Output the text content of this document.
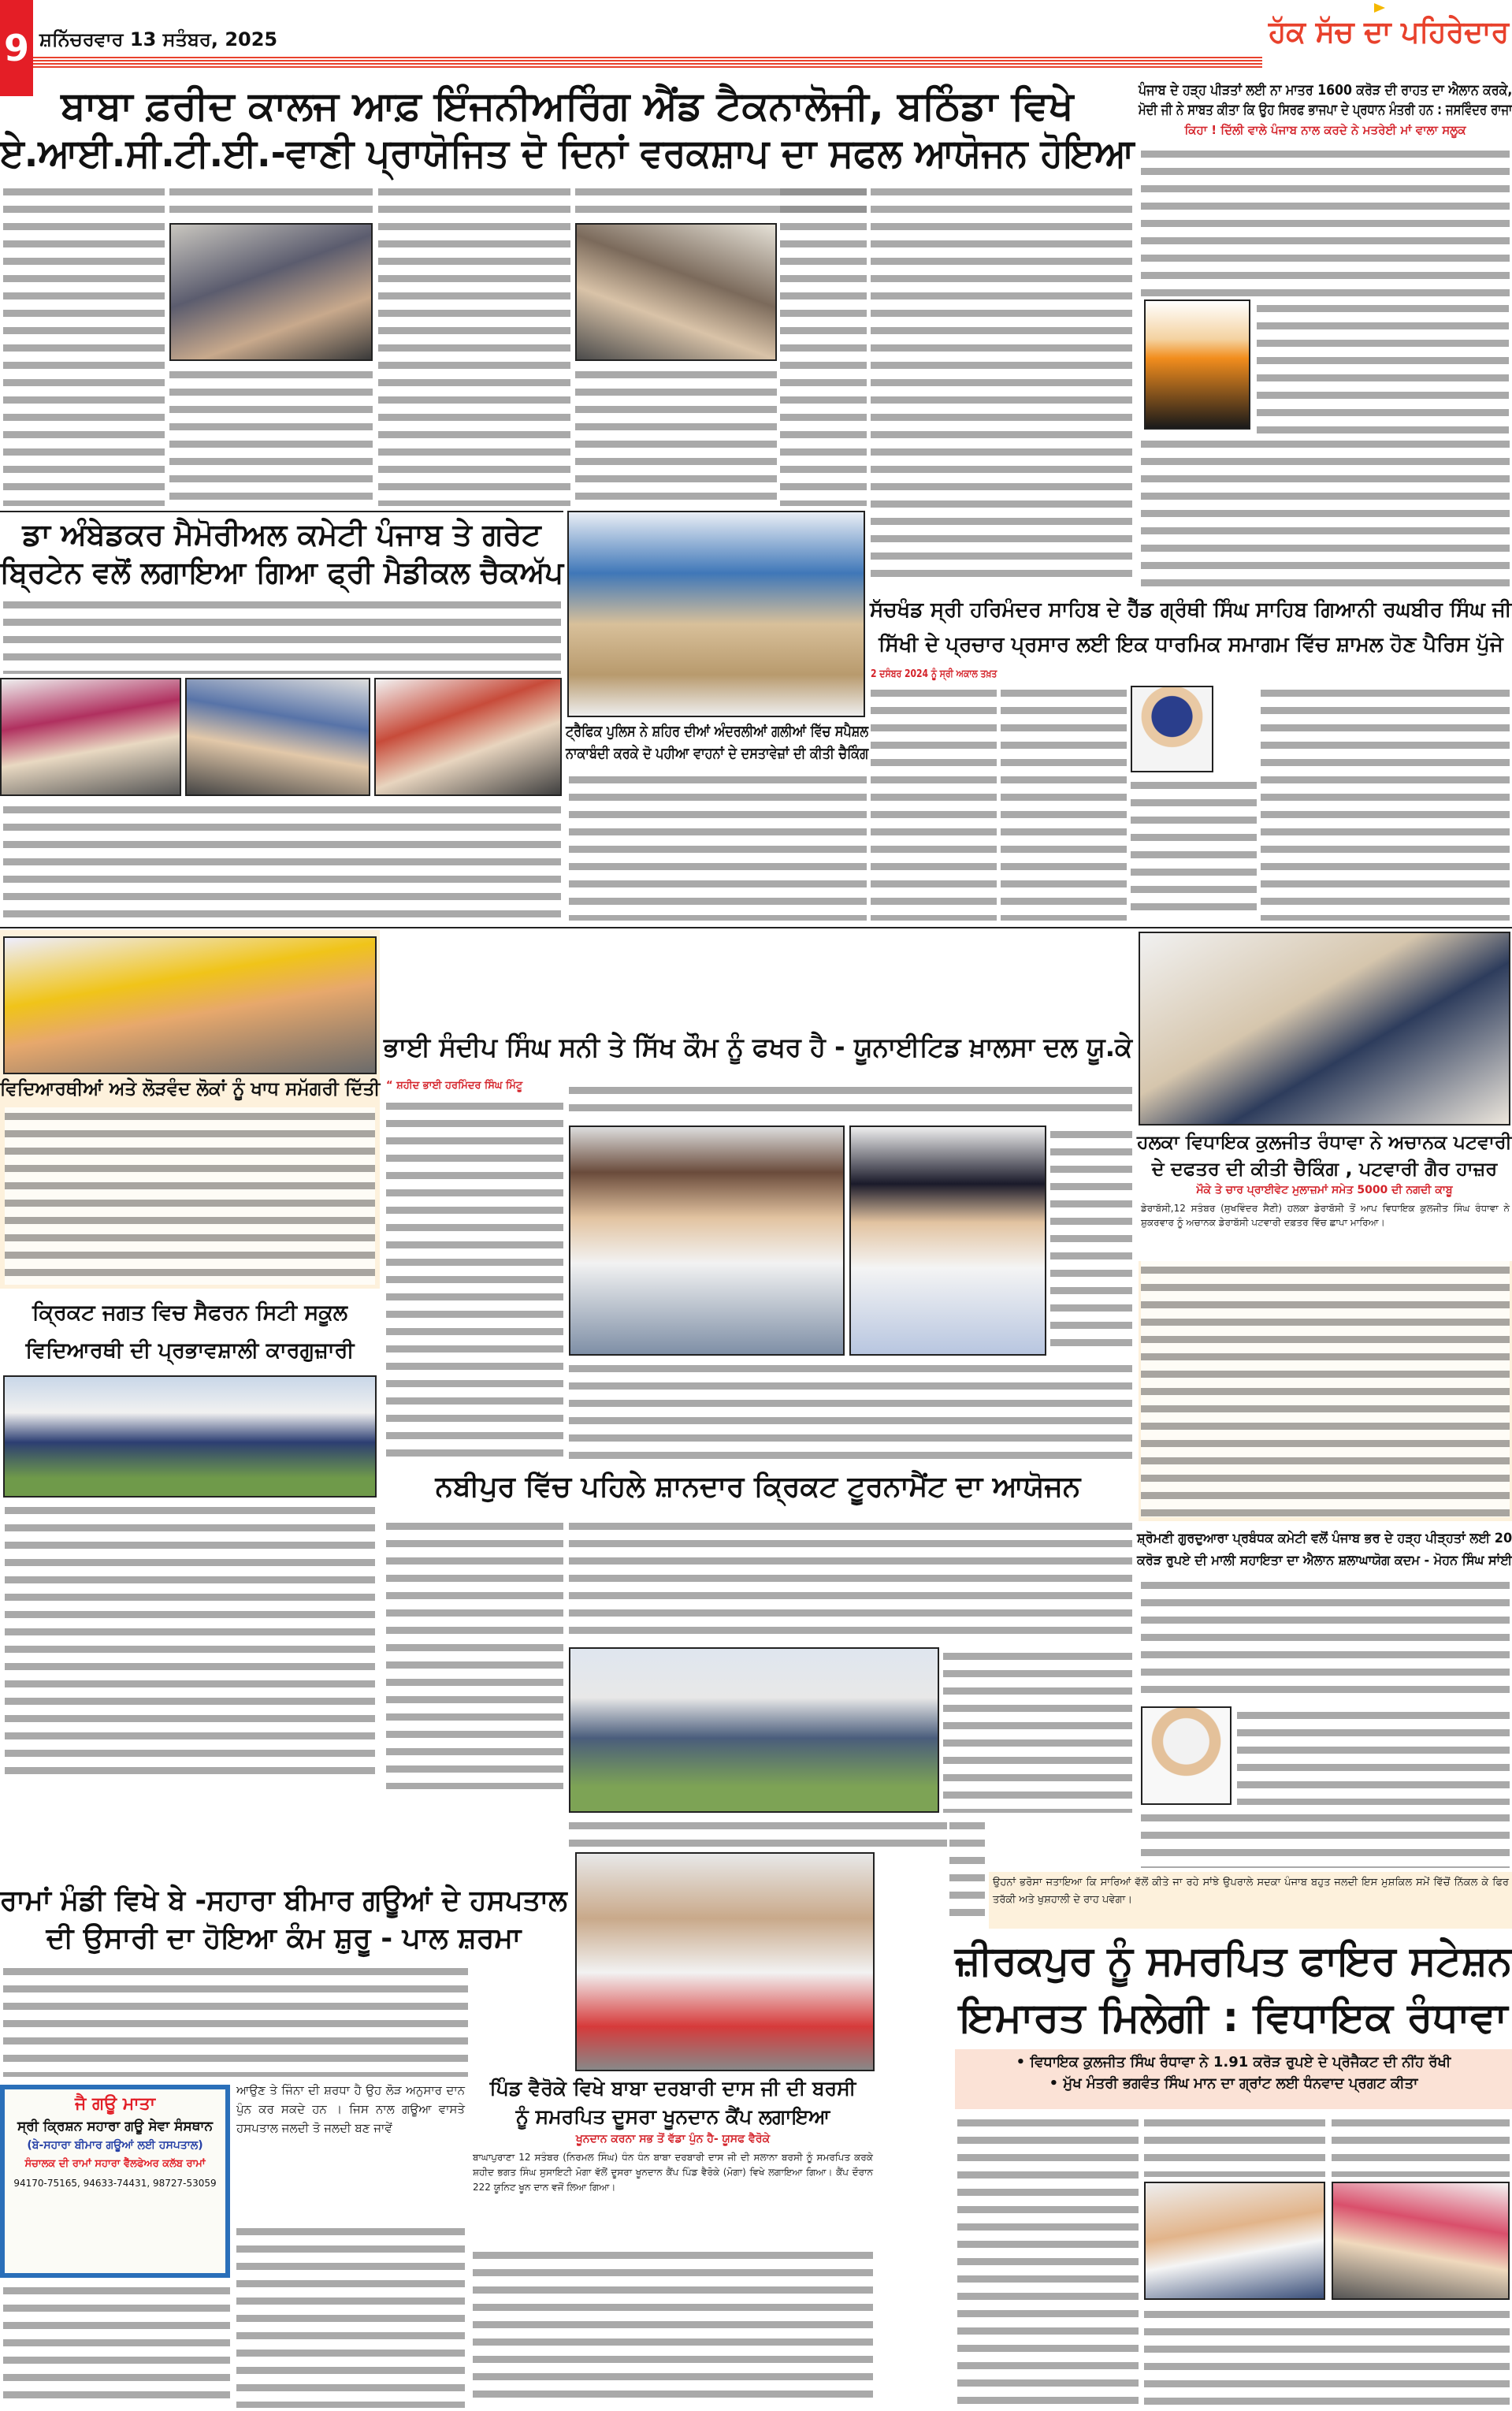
9 ਸ਼ਨਿੱਚਰਵਾਰ 13 ਸਤੰਬਰ, 2025	ਹੱਕ ਸੱਚ ਦਾ ਪਹਿਰੇਦਾਰ
ਬਾਬਾ ਫ਼ਰੀਦ ਕਾਲਜ ਆਫ਼ ਇੰਜਨੀਅਰਿੰਗ ਐਂਡ ਟੈਕਨਾਲੋਜੀ, ਬਠਿੰਡਾ ਵਿਖੇ
ਏ.ਆਈ.ਸੀ.ਟੀ.ਈ.-ਵਾਣੀ ਪ੍ਰਾਯੋਜਿਤ ਦੋ ਦਿਨਾਂ ਵਰਕਸ਼ਾਪ ਦਾ ਸਫਲ ਆਯੋਜਨ ਹੋਇਆ
ਪੰਜਾਬ ਦੇ ਹੜ੍ਹ ਪੀੜਤਾਂ ਲਈ ਨਾ ਮਾਤਰ 1600 ਕਰੋੜ ਦੀ ਰਾਹਤ ਦਾ ਐਲਾਨ ਕਰਕੇ,
ਮੋਦੀ ਜੀ ਨੇ ਸਾਬਤ ਕੀਤਾ ਕਿ ਉਹ ਸਿਰਫ ਭਾਜਪਾ ਦੇ ਪ੍ਰਧਾਨ ਮੰਤਰੀ ਹਨ : ਜਸਵਿੰਦਰ ਰਾਜਾ
ਕਿਹਾ ! ਦਿੱਲੀ ਵਾਲੇ ਪੰਜਾਬ ਨਾਲ ਕਰਦੇ ਨੇ ਮਤਰੇਈ ਮਾਂ ਵਾਲਾ ਸਲੂਕ
ਡਾ ਅੰਬੇਡਕਰ ਮੈਮੋਰੀਅਲ ਕਮੇਟੀ ਪੰਜਾਬ ਤੇ ਗਰੇਟ
ਬ੍ਰਿਟੇਨ ਵਲੋਂ ਲਗਾਇਆ ਗਿਆ ਫ੍ਰੀ ਮੈਡੀਕਲ ਚੈਕਅੱਪ
ਟ੍ਰੈਫਿਕ ਪੁਲਿਸ ਨੇ ਸ਼ਹਿਰ ਦੀਆਂ ਅੰਦਰਲੀਆਂ ਗਲੀਆਂ ਵਿੱਚ ਸਪੈਸ਼ਲ
ਨਾਕਾਬੰਦੀ ਕਰਕੇ ਦੋ ਪਹੀਆ ਵਾਹਨਾਂ ਦੇ ਦਸਤਾਵੇਜ਼ਾਂ ਦੀ ਕੀਤੀ ਚੈਕਿੰਗ
ਸੱਚਖੰਡ ਸ੍ਰੀ ਹਰਿਮੰਦਰ ਸਾਹਿਬ ਦੇ ਹੈੱਡ ਗ੍ਰੰਥੀ ਸਿੰਘ ਸਾਹਿਬ ਗਿਆਨੀ ਰਘਬੀਰ ਸਿੰਘ ਜੀ
ਸਿੱਖੀ ਦੇ ਪ੍ਰਚਾਰ ਪ੍ਰਸਾਰ ਲਈ ਇਕ ਧਾਰਮਿਕ ਸਮਾਗਮ ਵਿੱਚ ਸ਼ਾਮਲ ਹੋਣ ਪੈਰਿਸ ਪੁੱਜੇ
2 ਦਸੰਬਰ 2024 ਨੂੰ ਸ੍ਰੀ ਅਕਾਲ ਤਖ਼ਤ
ਵਿਦਿਆਰਥੀਆਂ ਅਤੇ ਲੋੜਵੰਦ ਲੋਕਾਂ ਨੂੰ ਖਾਧ ਸਮੱਗਰੀ ਦਿੱਤੀ
ਭਾਈ ਸੰਦੀਪ ਸਿੰਘ ਸਨੀ ਤੇ ਸਿੱਖ ਕੌਮ ਨੂੰ ਫਖਰ ਹੈ - ਯੂਨਾਈਟਿਡ ਖ਼ਾਲਸਾ ਦਲ ਯੂ.ਕੇ
“ ਸ਼ਹੀਦ ਭਾਈ ਹਰਮਿੰਦਰ ਸਿੰਘ ਮਿੰਟੂ
ਹਲਕਾ ਵਿਧਾਇਕ ਕੁਲਜੀਤ ਰੰਧਾਵਾ ਨੇ ਅਚਾਨਕ ਪਟਵਾਰੀ
ਦੇ ਦਫਤਰ ਦੀ ਕੀਤੀ ਚੈਕਿੰਗ , ਪਟਵਾਰੀ ਗੈਰ ਹਾਜ਼ਰ
ਮੌਕੇ ਤੇ ਚਾਰ ਪ੍ਰਾਈਵੇਟ ਮੁਲਾਜ਼ਮਾਂ ਸਮੇਤ 5000 ਦੀ ਨਗਦੀ ਕਾਬੂ
ਡੇਰਾਬੱਸੀ,12 ਸਤੰਬਰ (ਸੁਖਵਿੰਦਰ ਸੈਣੀ) ਹਲਕਾ ਡੇਰਾਬੱਸੀ ਤੋਂ ਆਪ ਵਿਧਾਇਕ ਕੁਲਜੀਤ ਸਿੰਘ ਰੰਧਾਵਾ ਨੇ ਸ਼ੁਕਰਵਾਰ ਨੂੰ ਅਚਾਨਕ ਡੇਰਾਬੱਸੀ ਪਟਵਾਰੀ ਦਫ਼ਤਰ ਵਿੱਚ ਛਾਪਾ ਮਾਰਿਆ।
ਕ੍ਰਿਕਟ ਜਗਤ ਵਿਚ ਸੈਫਰਨ ਸਿਟੀ ਸਕੂਲ
ਵਿਦਿਆਰਥੀ ਦੀ ਪ੍ਰਭਾਵਸ਼ਾਲੀ ਕਾਰਗੁਜ਼ਾਰੀ
ਨਬੀਪੁਰ ਵਿੱਚ ਪਹਿਲੇ ਸ਼ਾਨਦਾਰ ਕ੍ਰਿਕਟ ਟੂਰਨਾਮੈਂਟ ਦਾ ਆਯੋਜਨ
ਸ਼੍ਰੋਮਣੀ ਗੁਰਦੁਆਰਾ ਪ੍ਰਬੰਧਕ ਕਮੇਟੀ ਵਲੋਂ ਪੰਜਾਬ ਭਰ ਦੇ ਹੜ੍ਹ ਪੀੜ੍ਹਤਾਂ ਲਈ 20
ਕਰੋੜ ਰੁਪਏ ਦੀ ਮਾਲੀ ਸਹਾਇਤਾ ਦਾ ਐਲਾਨ ਸ਼ਲਾਘਾਯੋਗ ਕਦਮ - ਮੋਹਨ ਸਿੰਘ ਸਾਂਈ
ਉਹਨਾਂ ਭਰੋਸਾ ਜਤਾਇਆ ਕਿ ਸਾਰਿਆਂ ਵੱਲੋਂ ਕੀਤੇ ਜਾ ਰਹੇ ਸਾਂਝੇ ਉਪਰਾਲੇ ਸਦਕਾ ਪੰਜਾਬ ਬਹੁਤ ਜਲਦੀ ਇਸ ਮੁਸ਼ਕਿਲ ਸਮੇਂ ਵਿੱਚੋਂ ਨਿੱਕਲ ਕੇ ਫਿਰ ਤਰੱਕੀ ਅਤੇ ਖੁਸ਼ਹਾਲੀ ਦੇ ਰਾਹ ਪਵੇਗਾ।
ਰਾਮਾਂ ਮੰਡੀ ਵਿਖੇ ਬੇ -ਸਹਾਰਾ ਬੀਮਾਰ ਗਊਆਂ ਦੇ ਹਸਪਤਾਲ
ਦੀ ਉਸਾਰੀ ਦਾ ਹੋਇਆ ਕੰਮ ਸ਼ੁਰੂ - ਪਾਲ ਸ਼ਰਮਾ
ਜੈ ਗਊ ਮਾਤਾ
ਸ੍ਰੀ ਕ੍ਰਿਸ਼ਨ ਸਹਾਰਾ ਗਊ ਸੇਵਾ ਸੰਸਥਾਨ
(ਬੇ-ਸਹਾਰਾ ਬੀਮਾਰ ਗਊਆਂ ਲਈ ਹਸਪਤਾਲ)
ਸੰਚਾਲਕ ਦੀ ਰਾਮਾਂ ਸਹਾਰਾ ਵੈੱਲਫੇਅਰ ਕਲੱਬ ਰਾਮਾਂ
94170-75165, 94633-74431, 98727-53059
ਆਉਣ ਤੇ ਜਿੰਨਾ ਦੀ ਸ਼ਰਧਾ ਹੈ ਉਹ ਲੋੜ ਅਨੁਸਾਰ ਦਾਨ ਪੁੰਨ ਕਰ ਸਕਦੇ ਹਨ । ਜਿਸ ਨਾਲ ਗਊਆ ਵਾਸਤੇ ਹਸਪਤਾਲ ਜਲਦੀ ਤੋ ਜਲਦੀ ਬਣ ਜਾਵੇਂ
ਪਿੰਡ ਵੈਰੋਕੇ ਵਿਖੇ ਬਾਬਾ ਦਰਬਾਰੀ ਦਾਸ ਜੀ ਦੀ ਬਰਸੀ
ਨੂੰ ਸਮਰਪਿਤ ਦੂਸਰਾ ਖੂਨਦਾਨ ਕੈਂਪ ਲਗਾਇਆ
ਖੂਨਦਾਨ ਕਰਨਾ ਸਭ ਤੋਂ ਵੱਡਾ ਪੁੰਨ ਹੈ- ਯੂਸਫ ਵੈਰੋਕੇ
ਬਾਘਾਪੁਰਾਣਾ 12 ਸਤੰਬਰ (ਨਿਰਮਲ ਸਿੰਘ) ਧੰਨ ਧੰਨ ਬਾਬਾ ਦਰਬਾਰੀ ਦਾਸ ਜੀ ਦੀ ਸਲਾਨਾ ਬਰਸੀ ਨੂੰ ਸਮਰਪਿਤ ਕਰਕੇ ਸ਼ਹੀਦ ਭਗਤ ਸਿੰਘ ਸੁਸਾਇਟੀ ਮੋਗਾ ਵੱਲੋਂ ਦੂਸਰਾ ਖੂਨਦਾਨ ਕੈਂਪ ਪਿੰਡ ਵੈਰੋਕੇ (ਮੋਗਾ) ਵਿਖੇ ਲਗਾਇਆ ਗਿਆ। ਕੈਂਪ ਦੌਰਾਨ 222 ਯੂਨਿਟ ਖੂਨ ਦਾਨ ਵਜੋਂ ਲਿਆ ਗਿਆ।
ਜ਼ੀਰਕਪੁਰ ਨੂੰ ਸਮਰਪਿਤ ਫਾਇਰ ਸਟੇਸ਼ਨ
ਇਮਾਰਤ ਮਿਲੇਗੀ : ਵਿਧਾਇਕ ਰੰਧਾਵਾ
• ਵਿਧਾਇਕ ਕੁਲਜੀਤ ਸਿੰਘ ਰੰਧਾਵਾ ਨੇ 1.91 ਕਰੋੜ ਰੁਪਏ ਦੇ ਪ੍ਰੋਜੈਕਟ ਦੀ ਨੀਂਹ ਰੱਖੀ
• ਮੁੱਖ ਮੰਤਰੀ ਭਗਵੰਤ ਸਿੰਘ ਮਾਨ ਦਾ ਗ੍ਰਾਂਟ ਲਈ ਧੰਨਵਾਦ ਪ੍ਰਗਟ ਕੀਤਾ
